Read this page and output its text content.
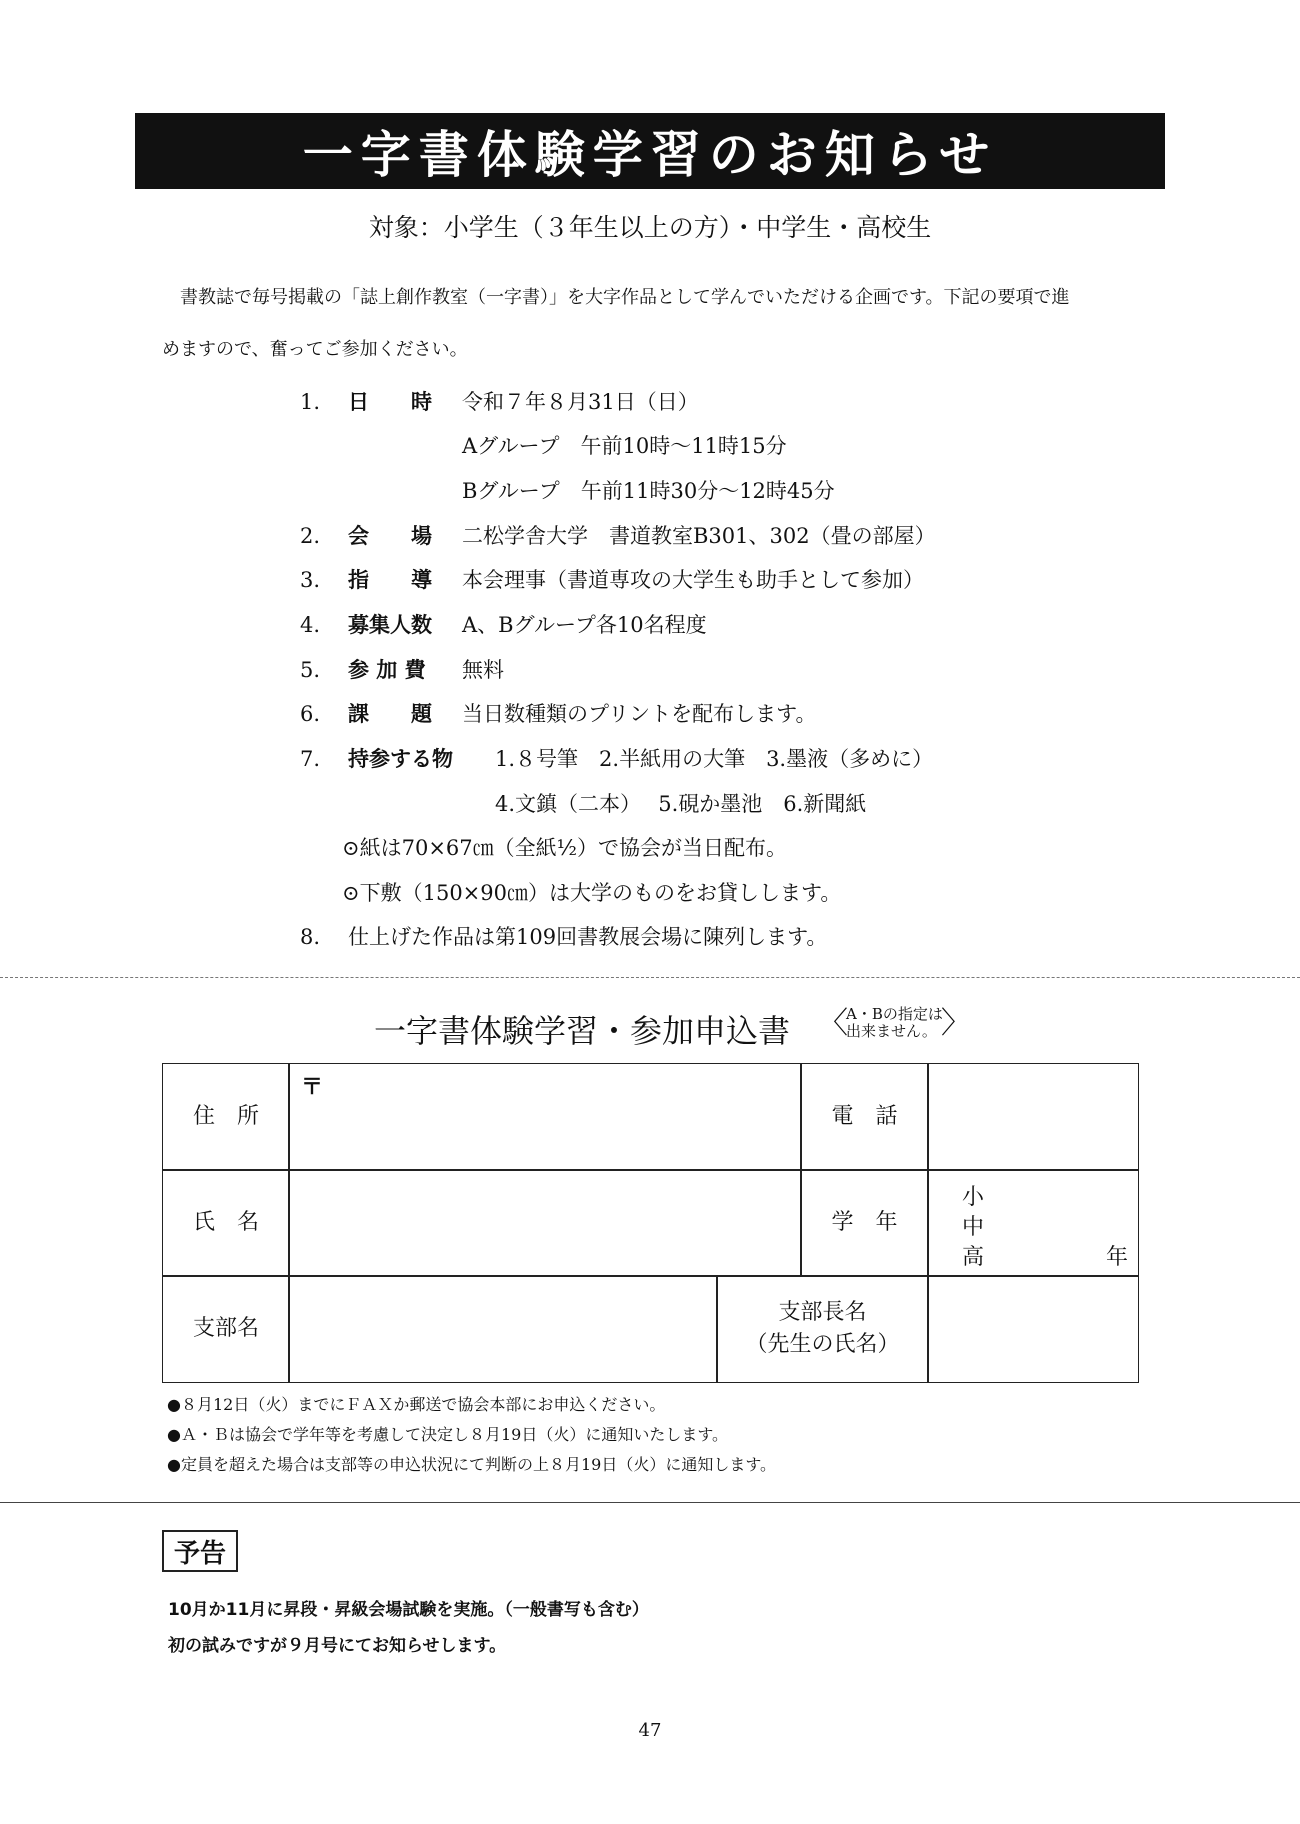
一字書体験学習のお知らせ
対象：小学生（３年生以上の方）・中学生・高校生
書教誌で毎号掲載の「誌上創作教室（一字書）」を大字作品として学んでいただける企画です。下記の要項で進
めますので、奮ってご参加ください。
1. 日　　時 令和７年８月31日（日）
Aグループ　午前10時〜11時15分
Bグループ　午前11時30分〜12時45分
2. 会　　場 二松学舎大学　書道教室B301、302（畳の部屋）
3. 指　　導 本会理事（書道専攻の大学生も助手として参加）
4. 募集人数 A、Bグループ各10名程度
5. 参 加 費 無料
6. 課　　題 当日数種類のプリントを配布します。
7. 持参する物 1.８号筆　2.半紙用の大筆　3.墨液（多めに）
4.文鎮（二本）　 5.硯か墨池　6.新聞紙
⊙紙は70×67㎝（全紙½）で協会が当日配布。
⊙下敷（150×90㎝）は大学のものをお貸しします。
8. 仕上げた作品は第109回書教展会場に陳列します。
一字書体験学習・参加申込書
〈	A・Bの指定は
出来ません。
〉
住　所
〒
電　話
氏　名	学　年
小
中
高	年
支部名
支部長名
（先生の氏名）
●８月12日（火）までにＦＡＸか郵送で協会本部にお申込ください。
●Ａ・Ｂは協会で学年等を考慮して決定し８月19日（火）に通知いたします。
●定員を超えた場合は支部等の申込状況にて判断の上８月19日（火）に通知します。
予告
10月か11月に昇段・昇級会場試験を実施。（一般書写も含む）
初の試みですが９月号にてお知らせします。
47
